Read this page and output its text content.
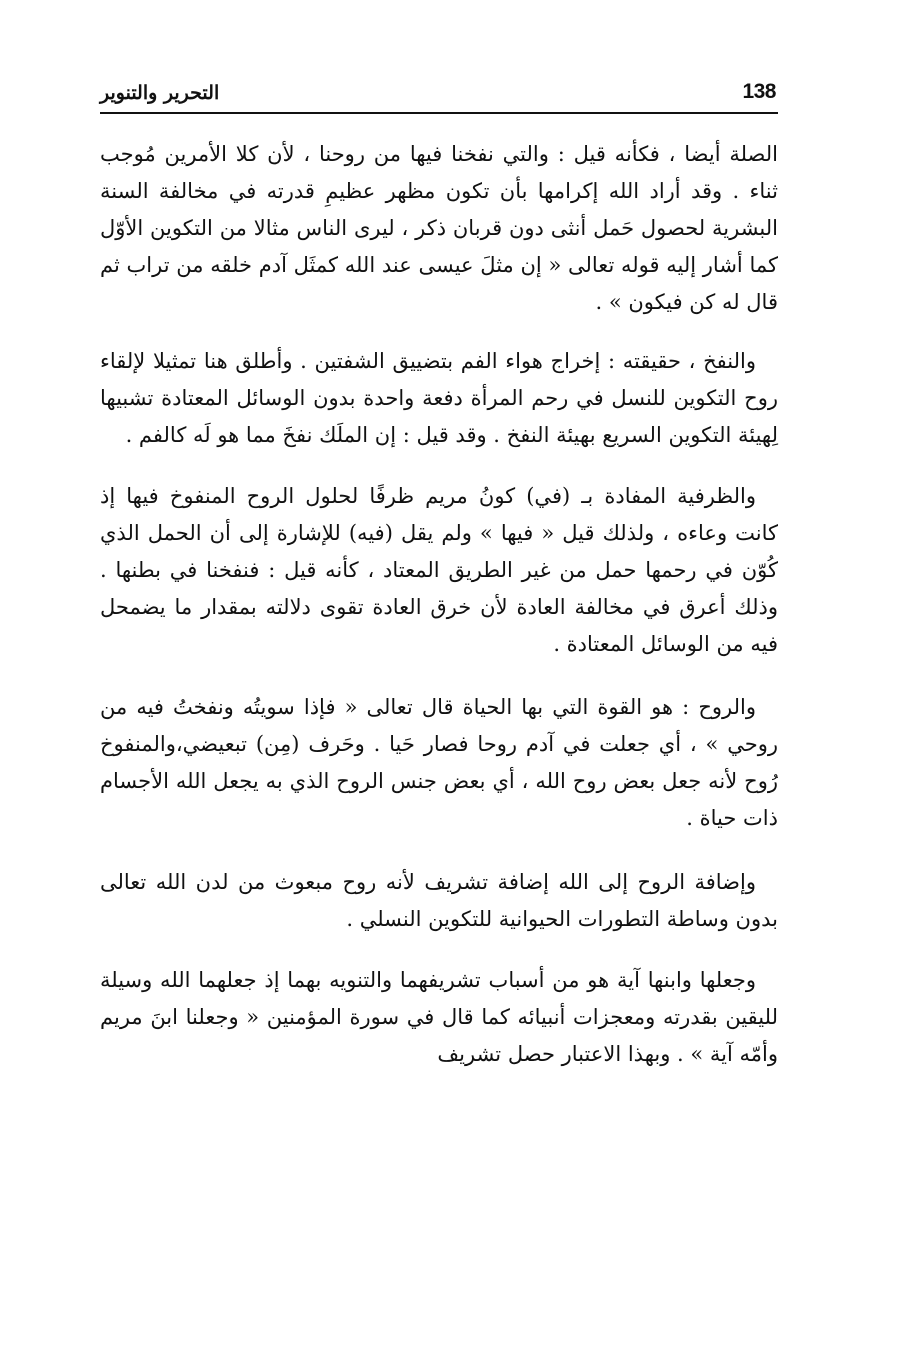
138
التحرير والتنوير

الصلة أيضا ، فكأنه قيل : والتي نفخنا فيها من روحنا ، لأن كلا الأمرين مُوجب ثناء . وقد أراد الله إكرامها بأن تكون مظهر عظيمِ قدرته في مخالفة السنة البشرية لحصول حَمل أنثى دون قربان ذكر ، ليرى الناس مثالا من التكوين الأوّل كما أشار إليه قوله تعالى « إن مثلَ عيسى عند الله كمثَل آدم خلقه من تراب ثم قال له كن فيكون » .

والنفخ ، حقيقته : إخراج هواء الفم بتضييق الشفتين . وأطلق هنا تمثيلا لإلقاء روح التكوين للنسل في رحم المرأة دفعة واحدة بدون الوسائل المعتادة تشبيها لِهيئة التكوين السريع بهيئة النفخ . وقد قيل : إن الملَك نفخَ مما هو لَه كالفم .

والظرفية المفادة بـ (في) كونُ مريم ظرفًا لحلول الروح المنفوخ فيها إذ كانت وعاءه ، ولذلك قيل « فيها » ولم يقل (فيه) للإشارة إلى أن الحمل الذي كُوّن في رحمها حمل من غير الطريق المعتاد ، كأنه قيل : فنفخنا في بطنها . وذلك أعرق في مخالفة العادة لأن خرق العادة تقوى دلالته بمقدار ما يضمحل فيه من الوسائل المعتادة .

والروح : هو القوة التي بها الحياة قال تعالى « فإذا سويتُه ونفختُ فيه من روحي » ، أي جعلت في آدم روحا فصار حَيا . وحَرف (مِن) تبعيضي،والمنفوخ رُوح لأنه جعل بعض روح الله ، أي بعض جنس الروح الذي به يجعل الله الأجسام ذات حياة .

وإضافة الروح إلى الله إضافة تشريف لأنه روح مبعوث من لدن الله تعالى بدون وساطة التطورات الحيوانية للتكوين النسلي .

وجعلها وابنها آية هو من أسباب تشريفهما والتنويه بهما إذ جعلهما الله وسيلة لليقين بقدرته ومعجزات أنبيائه كما قال في سورة المؤمنين « وجعلنا ابنَ مريم وأمّه آية » . وبهذا الاعتبار حصل تشريف
